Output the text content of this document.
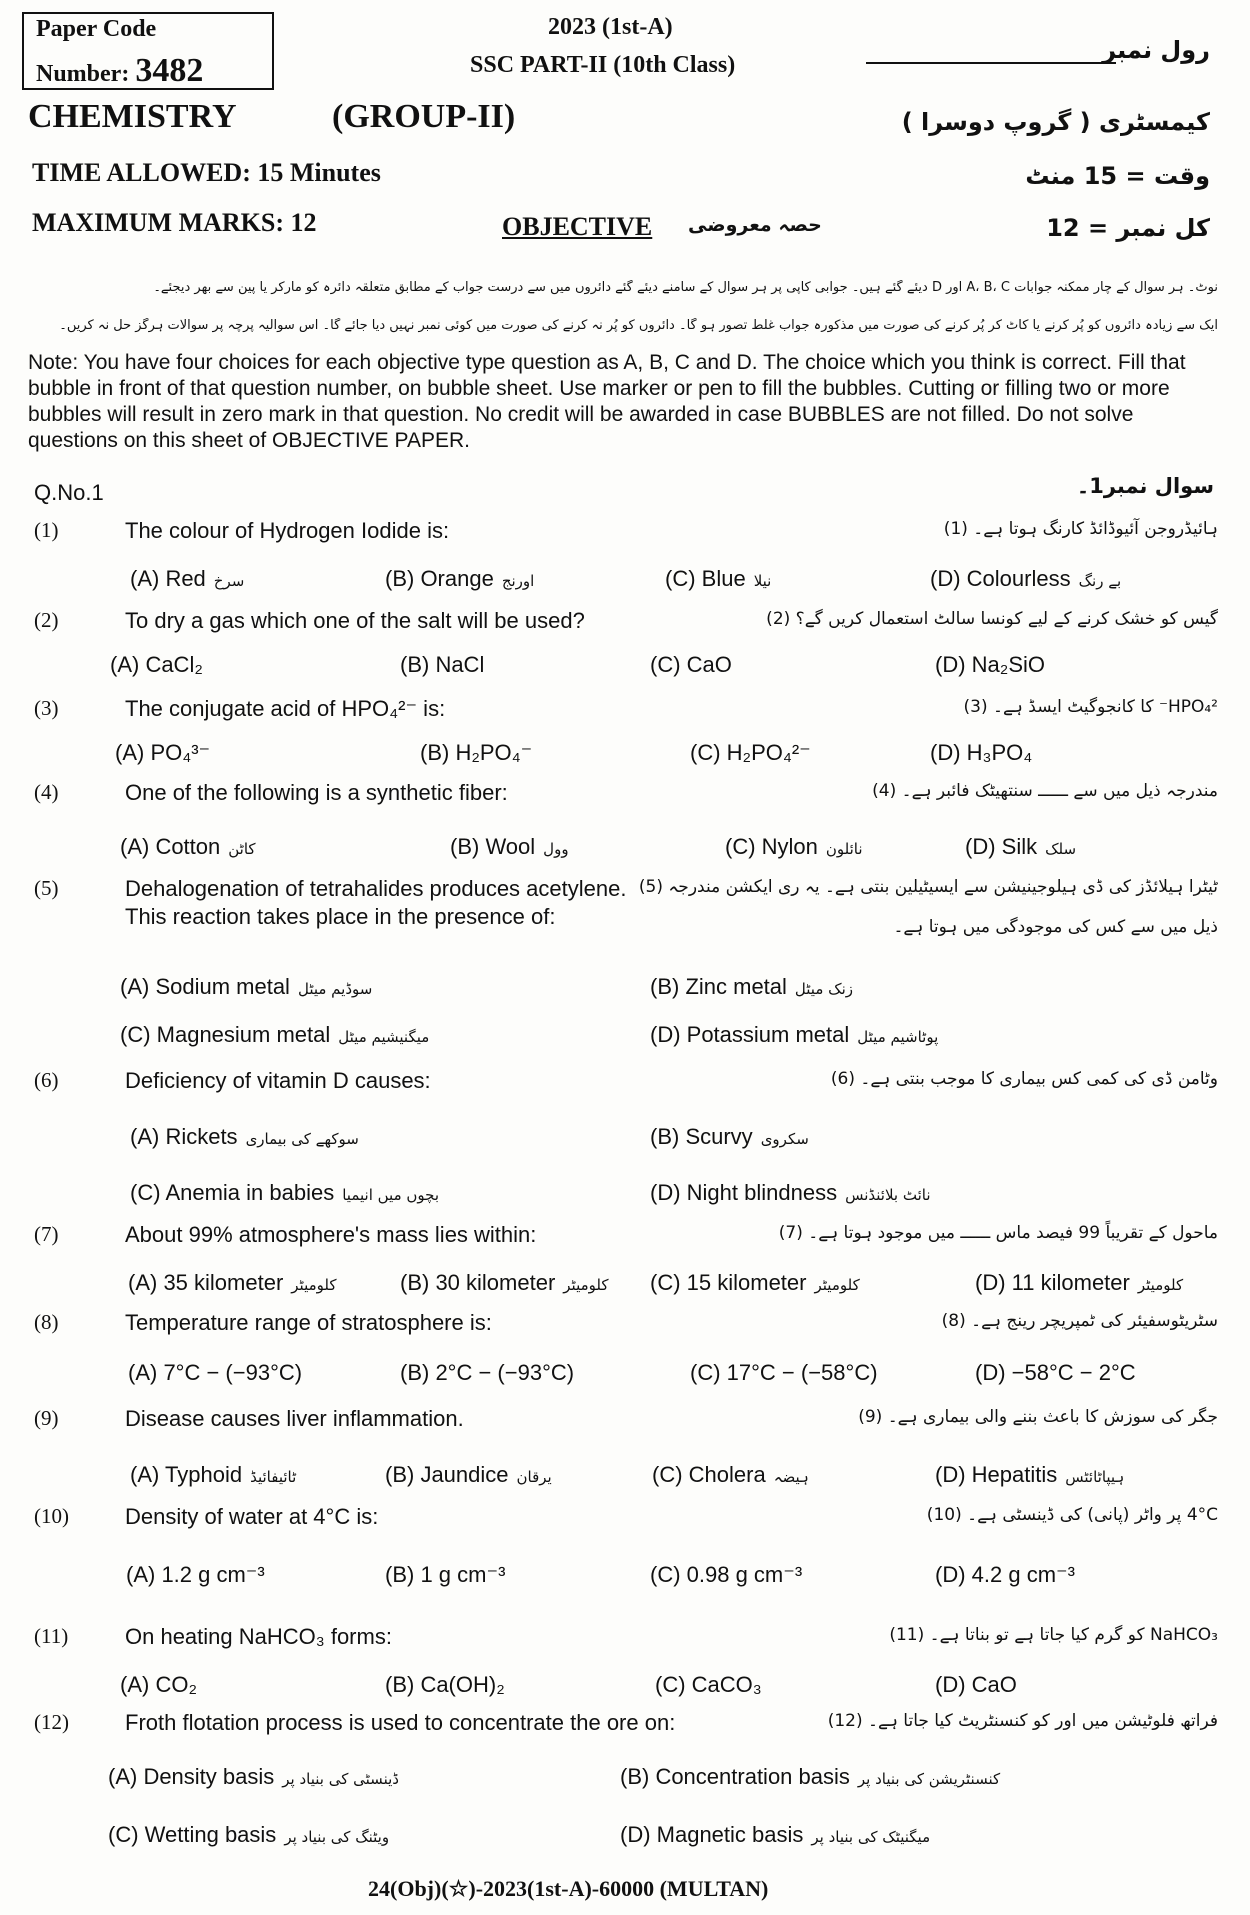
Paper Code
Number: 3482
2023 (1st-A)
SSC PART-II (10th Class)
رول نمبر
CHEMISTRY	(GROUP-II)	کیمسٹری ( گروپ دوسرا )
TIME ALLOWED: 15 Minutes	وقت = 15 منٹ
MAXIMUM MARKS: 12	OBJECTIVE حصہ معروضی	کل نمبر = 12
نوٹ۔ ہر سوال کے چار ممکنہ جوابات A، B، C اور D دیئے گئے ہیں۔ جوابی کاپی پر ہر سوال کے سامنے دیئے گئے دائروں میں سے درست جواب کے مطابق متعلقہ دائرہ کو مارکر یا پین سے بھر دیجئے۔
ایک سے زیادہ دائروں کو پُر کرنے یا کاٹ کر پُر کرنے کی صورت میں مذکورہ جواب غلط تصور ہو گا۔ دائروں کو پُر نہ کرنے کی صورت میں کوئی نمبر نہیں دیا جائے گا۔ اس سوالیہ پرچہ پر سوالات ہرگز حل نہ کریں۔
Note: You have four choices for each objective type question as A, B, C and D. The choice which you think is correct. Fill that bubble in front of that question number, on bubble sheet. Use marker or pen to fill the bubbles. Cutting or filling two or more bubbles will result in zero mark in that question. No credit will be awarded in case BUBBLES are not filled. Do not solve questions on this sheet of OBJECTIVE PAPER.
Q.No.1	سوال نمبر1۔
(1)	The colour of Hydrogen Iodide is:	ہائیڈروجن آئیوڈائڈ کارنگ ہوتا ہے۔ (1)
(A) Red سرخ	(B) Orange اورنج	(C) Blue نیلا	(D) Colourless بے رنگ
(2)	To dry a gas which one of the salt will be used?	گیس کو خشک کرنے کے لیے کونسا سالٹ استعمال کریں گے؟ (2)
(A) CaCl₂	(B) NaCl	(C) CaO	(D) Na₂SiO
(3)	The conjugate acid of HPO₄²⁻ is:	HPO₄²⁻ کا کانجوگیٹ ایسڈ ہے۔ (3)
(A) PO₄³⁻	(B) H₂PO₄⁻	(C) H₂PO₄²⁻	(D) H₃PO₄
(4)	One of the following is a synthetic fiber:	مندرجہ ذیل میں سے ــــــ سنتھیٹک فائبر ہے۔ (4)
(A) Cotton کاٹن	(B) Wool وول	(C) Nylon نائلون	(D) Silk سلک
(5)	Dehalogenation of tetrahalides produces acetylene. ٹیٹرا ہیلائڈز کی ڈی ہیلوجینیشن سے ایسیٹیلین بنتی ہے۔ یہ ری ایکشن مندرجہ (5)
This reaction takes place in the presence of:	ذیل میں سے کس کی موجودگی میں ہوتا ہے۔
(A) Sodium metal سوڈیم میٹل	(B) Zinc metal زنک میٹل
(C) Magnesium metal میگنیشیم میٹل	(D) Potassium metal پوٹاشیم میٹل
(6)	Deficiency of vitamin D causes:	وٹامن ڈی کی کمی کس بیماری کا موجب بنتی ہے۔ (6)
(A) Rickets سوکھے کی بیماری	(B) Scurvy سکروی
(C) Anemia in babies بچوں میں انیمیا	(D) Night blindness نائٹ بلائنڈنس
(7)	About 99% atmosphere's mass lies within:	ماحول کے تقریباً 99 فیصد ماس ــــــ میں موجود ہوتا ہے۔ (7)
(A) 35 kilometer کلومیٹر	(B) 30 kilometer کلومیٹر (C) 15 kilometer کلومیٹر	(D) 11 kilometer کلومیٹر
(8)	Temperature range of stratosphere is:	سٹریٹوسفیئر کی ٹمپریچر رینج ہے۔ (8)
(A) 7°C − (−93°C)	(B) 2°C − (−93°C)	(C) 17°C − (−58°C)	(D) −58°C − 2°C
(9)	Disease causes liver inflammation.	جگر کی سوزش کا باعث بننے والی بیماری ہے۔ (9)
(A) Typhoid ٹائیفائیڈ	(B) Jaundice یرقان	(C) Cholera ہیضہ	(D) Hepatitis ہیپاٹائٹس
(10)	Density of water at 4°C is:	4°C پر واٹر (پانی) کی ڈینسٹی ہے۔ (10)
(A) 1.2 g cm⁻³	(B) 1 g cm⁻³	(C) 0.98 g cm⁻³	(D) 4.2 g cm⁻³
(11)	On heating NaHCO₃ forms:	NaHCO₃ کو گرم کیا جاتا ہے تو بناتا ہے۔ (11)
(A) CO₂	(B) Ca(OH)₂	(C) CaCO₃	(D) CaO
(12)	Froth flotation process is used to concentrate the ore on:	فراتھ فلوٹیشن میں اور کو کنسنٹریٹ کیا جاتا ہے۔ (12)
(A) Density basis ڈینسٹی کی بنیاد پر	(B) Concentration basis کنسنٹریشن کی بنیاد پر
(C) Wetting basis ویٹنگ کی بنیاد پر	(D) Magnetic basis میگنیٹک کی بنیاد پر
24(Obj)(☆)-2023(1st-A)-60000 (MULTAN)
